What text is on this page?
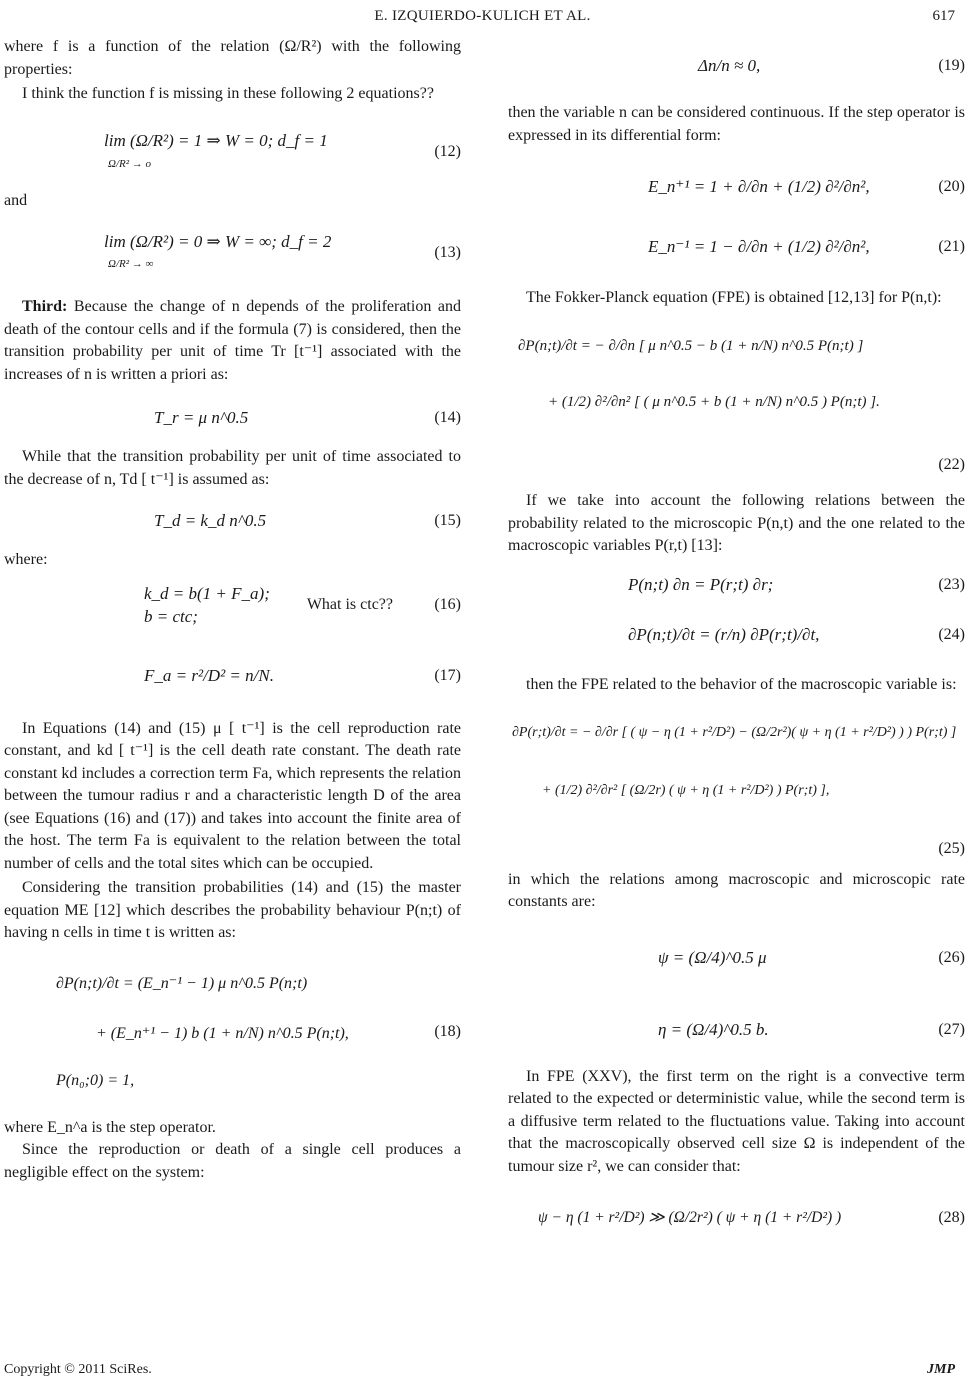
E. IZQUIERDO-KULICH ET AL.	617

where f is a function of the relation (Ω/R²) with the following properties:

I think the function f is missing in these following 2 equations??

lim (Ω/R²) = 1 ⇒ W = 0; d_f = 1
Ω/R² → o
(12)

and

lim (Ω/R²) = 0 ⇒ W = ∞; d_f = 2
Ω/R² → ∞
(13)

Third: Because the change of n depends of the proliferation and death of the contour cells and if the formula (7) is considered, then the transition probability per unit of time Tr [t⁻¹] associated with the increases of n is written a priori as:

T_r = μ n^0.5	(14)

While that the transition probability per unit of time associated to the decrease of n, Td [ t⁻¹] is assumed as:

T_d = k_d n^0.5	(15)

where:

k_d = b(1 + F_a);
b = ctc;
What is ctc??	(16)
F_a = r²/D² = n/N.	(17)

In Equations (14) and (15) μ [ t⁻¹] is the cell reproduction rate constant, and kd [ t⁻¹] is the cell death rate constant. The death rate constant kd includes a correction term Fa, which represents the relation between the tumour radius r and a characteristic length D of the area (see Equations (16) and (17)) and takes into account the finite area of the host. The term Fa is equivalent to the relation between the total number of cells and the total sites which can be occupied.

Considering the transition probabilities (14) and (15) the master equation ME [12] which describes the probability behaviour P(n;t) of having n cells in time t is written as:

∂P(n;t)/∂t = (E_n⁻¹ − 1) μ n^0.5 P(n;t)
+ (E_n⁺¹ − 1) b (1 + n/N) n^0.5 P(n;t),
P(n₀;0) = 1,
(18)

where E_n^a is the step operator.

Since the reproduction or death of a single cell produces a negligible effect on the system:

Δn/n ≈ 0,	(19)

then the variable n can be considered continuous. If the step operator is expressed in its differential form:

E_n⁺¹ = 1 + ∂/∂n + (1/2) ∂²/∂n²,	(20)
E_n⁻¹ = 1 − ∂/∂n + (1/2) ∂²/∂n²,	(21)

The Fokker-Planck equation (FPE) is obtained [12,13] for P(n,t):

∂P(n;t)/∂t = − ∂/∂n [ μ n^0.5 − b (1 + n/N) n^0.5 P(n;t) ]
+ (1/2) ∂²/∂n² [ ( μ n^0.5 + b (1 + n/N) n^0.5 ) P(n;t) ].
(22)

If we take into account the following relations between the probability related to the microscopic P(n,t) and the one related to the macroscopic variables P(r,t) [13]:

P(n;t) ∂n = P(r;t) ∂r;	(23)
∂P(n;t)/∂t = (r/n) ∂P(r;t)/∂t,	(24)

then the FPE related to the behavior of the macroscopic variable is:

∂P(r;t)/∂t = − ∂/∂r [ ( ψ − η (1 + r²/D²) − (Ω/2r²)( ψ + η (1 + r²/D²) ) ) P(r;t) ]
+ (1/2) ∂²/∂r² [ (Ω/2r) ( ψ + η (1 + r²/D²) ) P(r;t) ],
(25)

in which the relations among macroscopic and microscopic rate constants are:

ψ = (Ω/4)^0.5 μ	(26)
η = (Ω/4)^0.5 b.	(27)

In FPE (XXV), the first term on the right is a convective term related to the expected or deterministic value, while the second term is a diffusive term related to the fluctuations value. Taking into account that the macroscopically observed cell size Ω is independent of the tumour size r², we can consider that:

ψ − η (1 + r²/D²) ≫ (Ω/2r²) ( ψ + η (1 + r²/D²) )	(28)
Copyright © 2011 SciRes.	JMP
